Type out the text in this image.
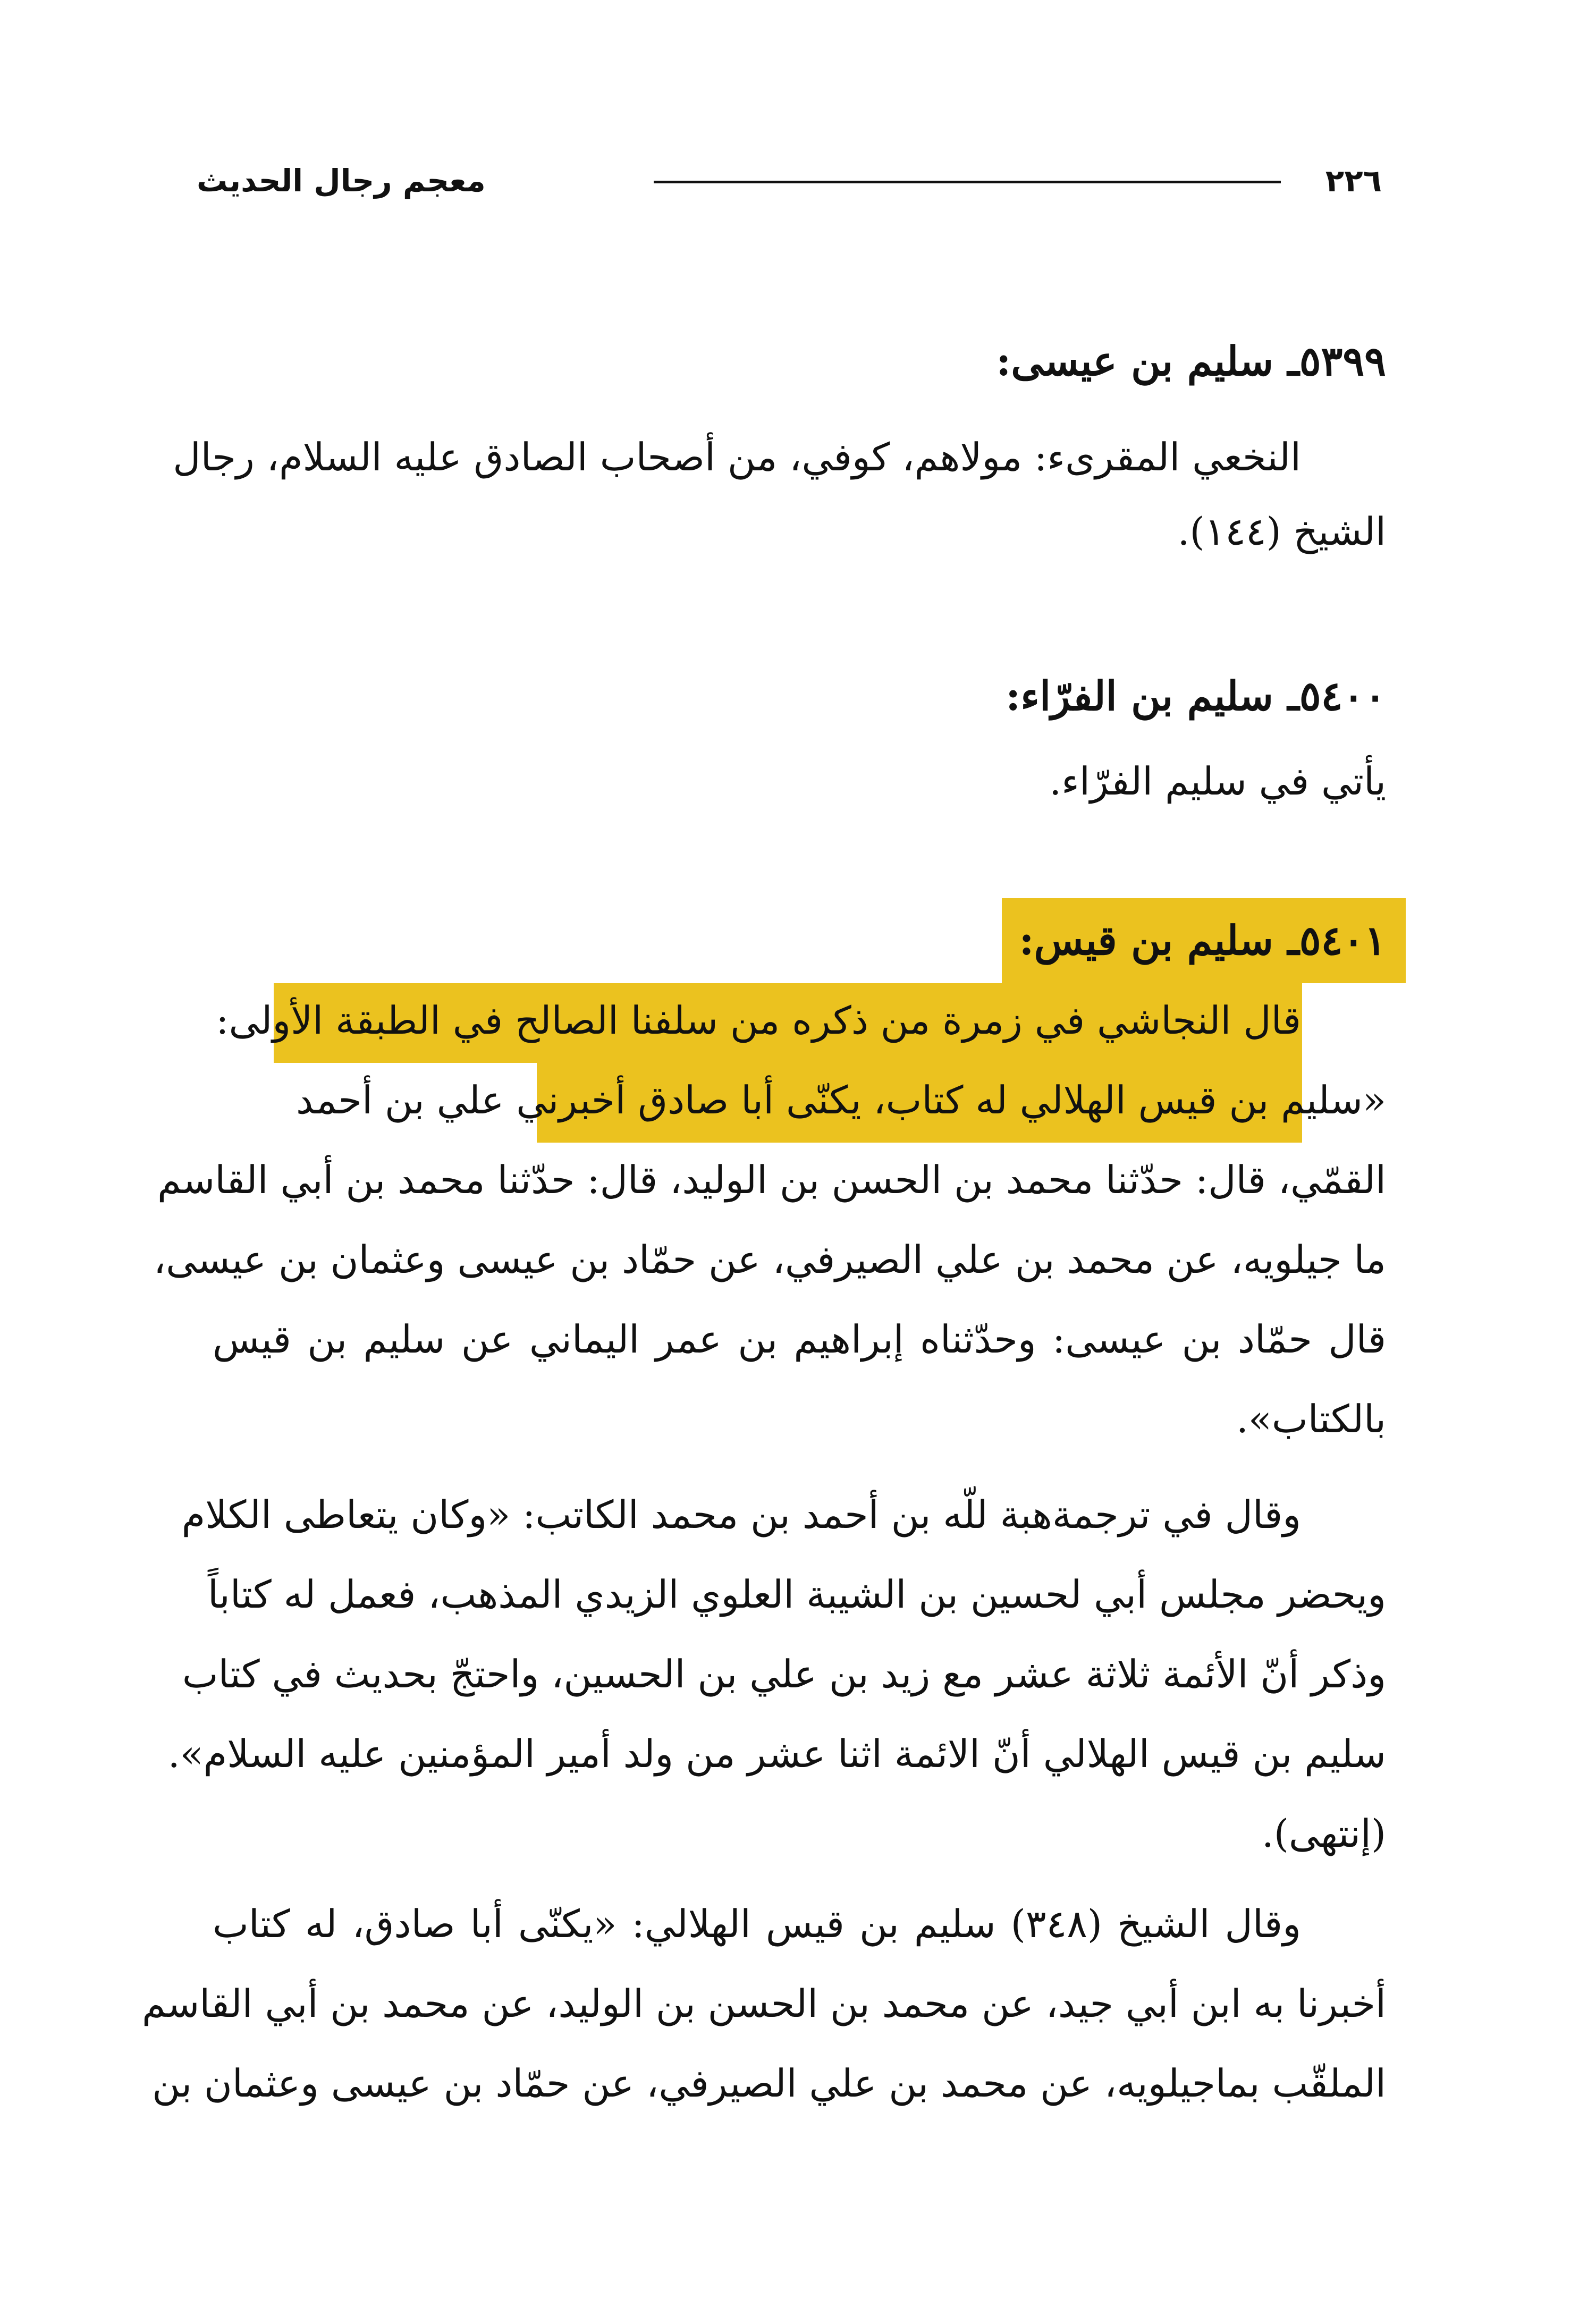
٢٢٦
معجم رجال الحديث
٥٣٩٩ـ سليم بن عيسى:
النخعي المقرىء: مولاهم، كوفي، من أصحاب الصادق عليه السلام، رجال
الشيخ (١٤٤).
٥٤٠٠ـ سليم بن الفرّاء:
يأتي في سليم الفرّاء.
٥٤٠١ـ سليم بن قيس:
قال النجاشي في زمرة من ذكره من سلفنا الصالح في الطبقة الأولى:
«سليم بن قيس الهلالي له كتاب، يكنّى أبا صادق أخبرني علي بن أحمد
القمّي، قال: حدّثنا محمد بن الحسن بن الوليد، قال: حدّثنا محمد بن أبي القاسم
ما جيلويه، عن محمد بن علي الصيرفي، عن حمّاد بن عيسى وعثمان بن عيسى،
قال حمّاد بن عيسى: وحدّثناه إبراهيم بن عمر اليماني عن سليم بن قيس
بالكتاب».
وقال في ترجمةهبة للّه بن أحمد بن محمد الكاتب: «وكان يتعاطى الكلام
ويحضر مجلس أبي لحسين بن الشيبة العلوي الزيدي المذهب، فعمل له كتاباً
وذكر أنّ الأئمة ثلاثة عشر مع زيد بن علي بن الحسين، واحتجّ بحديث في كتاب
سليم بن قيس الهلالي أنّ الائمة اثنا عشر من ولد أمير المؤمنين عليه السلام».
(إنتهى).
وقال الشيخ (٣٤٨) سليم بن قيس الهلالي: «يكنّى أبا صادق، له كتاب
أخبرنا به ابن أبي جيد، عن محمد بن الحسن بن الوليد، عن محمد بن أبي القاسم
الملقّب بماجيلويه، عن محمد بن علي الصيرفي، عن حمّاد بن عيسى وعثمان بن
